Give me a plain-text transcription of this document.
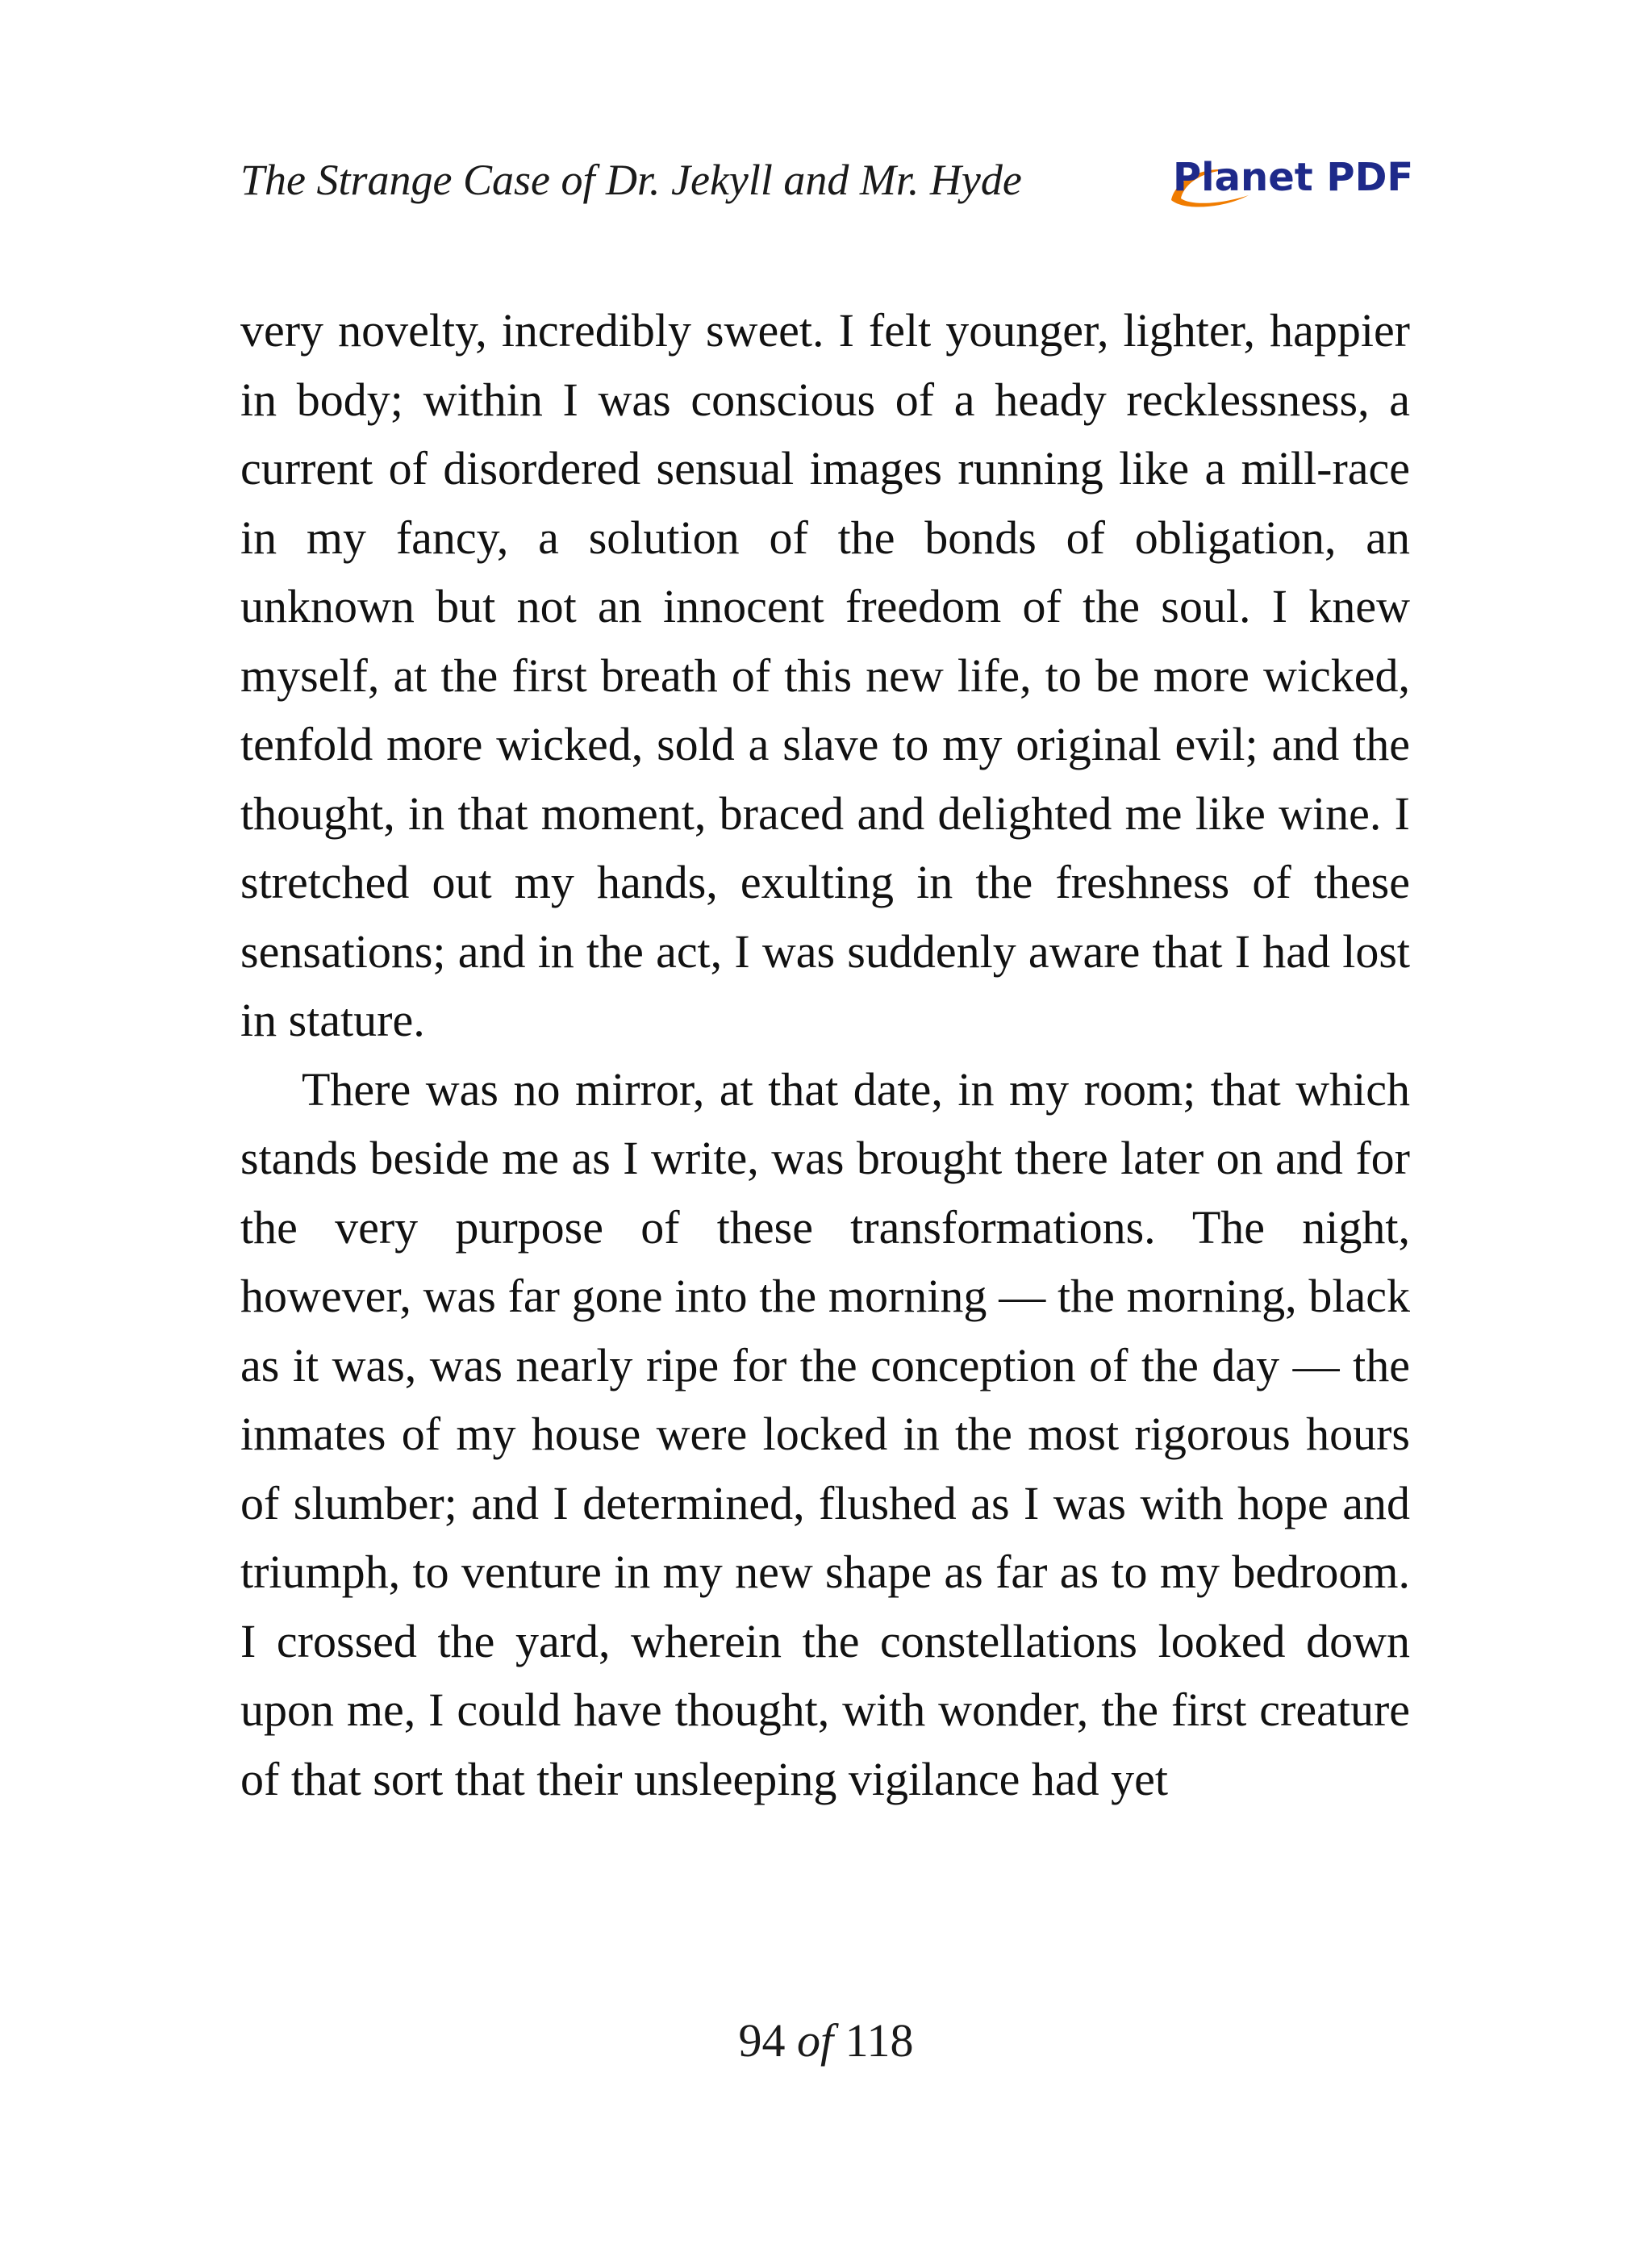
The Strange Case of Dr. Jekyll and Mr. Hyde	Planet PDF

very novelty, incredibly sweet. I felt younger, lighter, happier in body; within I was conscious of a heady recklessness, a current of disordered sensual images running like a mill-race in my fancy, a solution of the bonds of obligation, an unknown but not an innocent freedom of the soul. I knew myself, at the first breath of this new life, to be more wicked, tenfold more wicked, sold a slave to my original evil; and the thought, in that moment, braced and delighted me like wine. I stretched out my hands, exulting in the freshness of these sensations; and in the act, I was suddenly aware that I had lost in stature.

There was no mirror, at that date, in my room; that which stands beside me as I write, was brought there later on and for the very purpose of these transformations. The night, however, was far gone into the morning — the morning, black as it was, was nearly ripe for the conception of the day — the inmates of my house were locked in the most rigorous hours of slumber; and I determined, flushed as I was with hope and triumph, to venture in my new shape as far as to my bedroom. I crossed the yard, wherein the constellations looked down upon me, I could have thought, with wonder, the first creature of that sort that their unsleeping vigilance had yet

94 of 118
